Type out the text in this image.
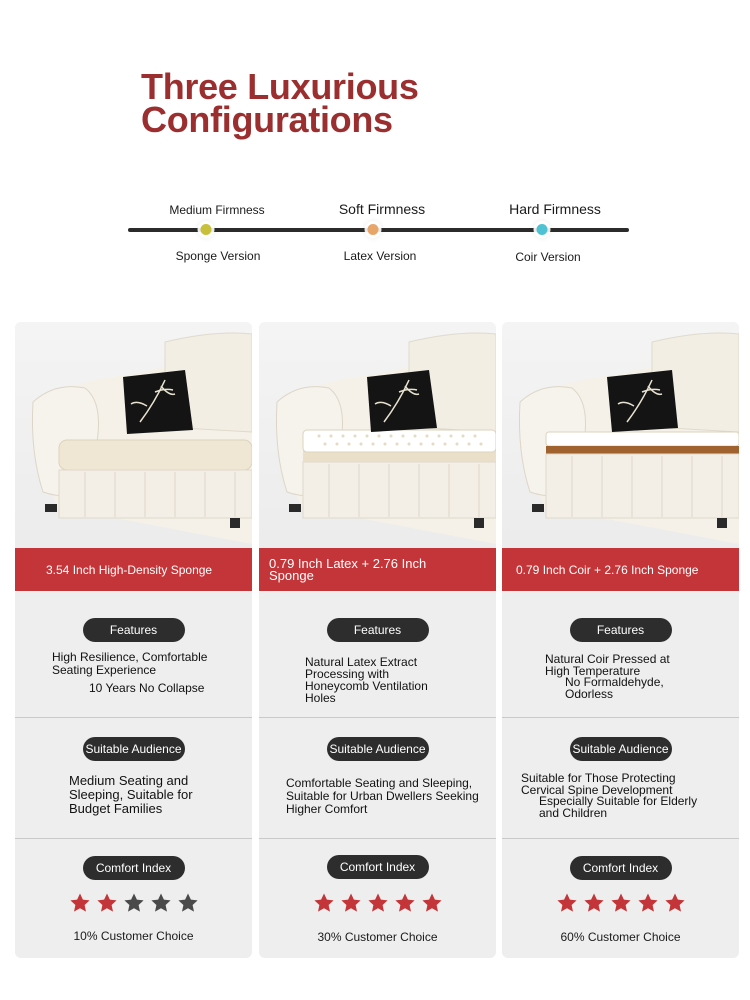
Three Luxurious
Configurations
Medium Firmness
Sponge Version
Soft Firmness
Latex Version
Hard Firmness
Coir Version
3.54 Inch High-Density Sponge
Features
High Resilience, Comfortable Seating Experience
10 Years No Collapse
Suitable Audience
Medium Seating and Sleeping, Suitable for Budget Families
Comfort Index
10% Customer Choice
0.79 Inch Latex + 2.76 Inch Sponge
Features
Natural Latex Extract Processing with Honeycomb Ventilation Holes
Suitable Audience
Comfortable Seating and Sleeping, Suitable for Urban Dwellers Seeking Higher Comfort
Comfort Index
30% Customer Choice
0.79 Inch Coir + 2.76 Inch Sponge
Features
Natural Coir Pressed at High Temperature
No Formaldehyde, Odorless
Suitable Audience
Suitable for Those Protecting Cervical Spine Development
Especially Suitable for Elderly and Children
Comfort Index
60% Customer Choice
